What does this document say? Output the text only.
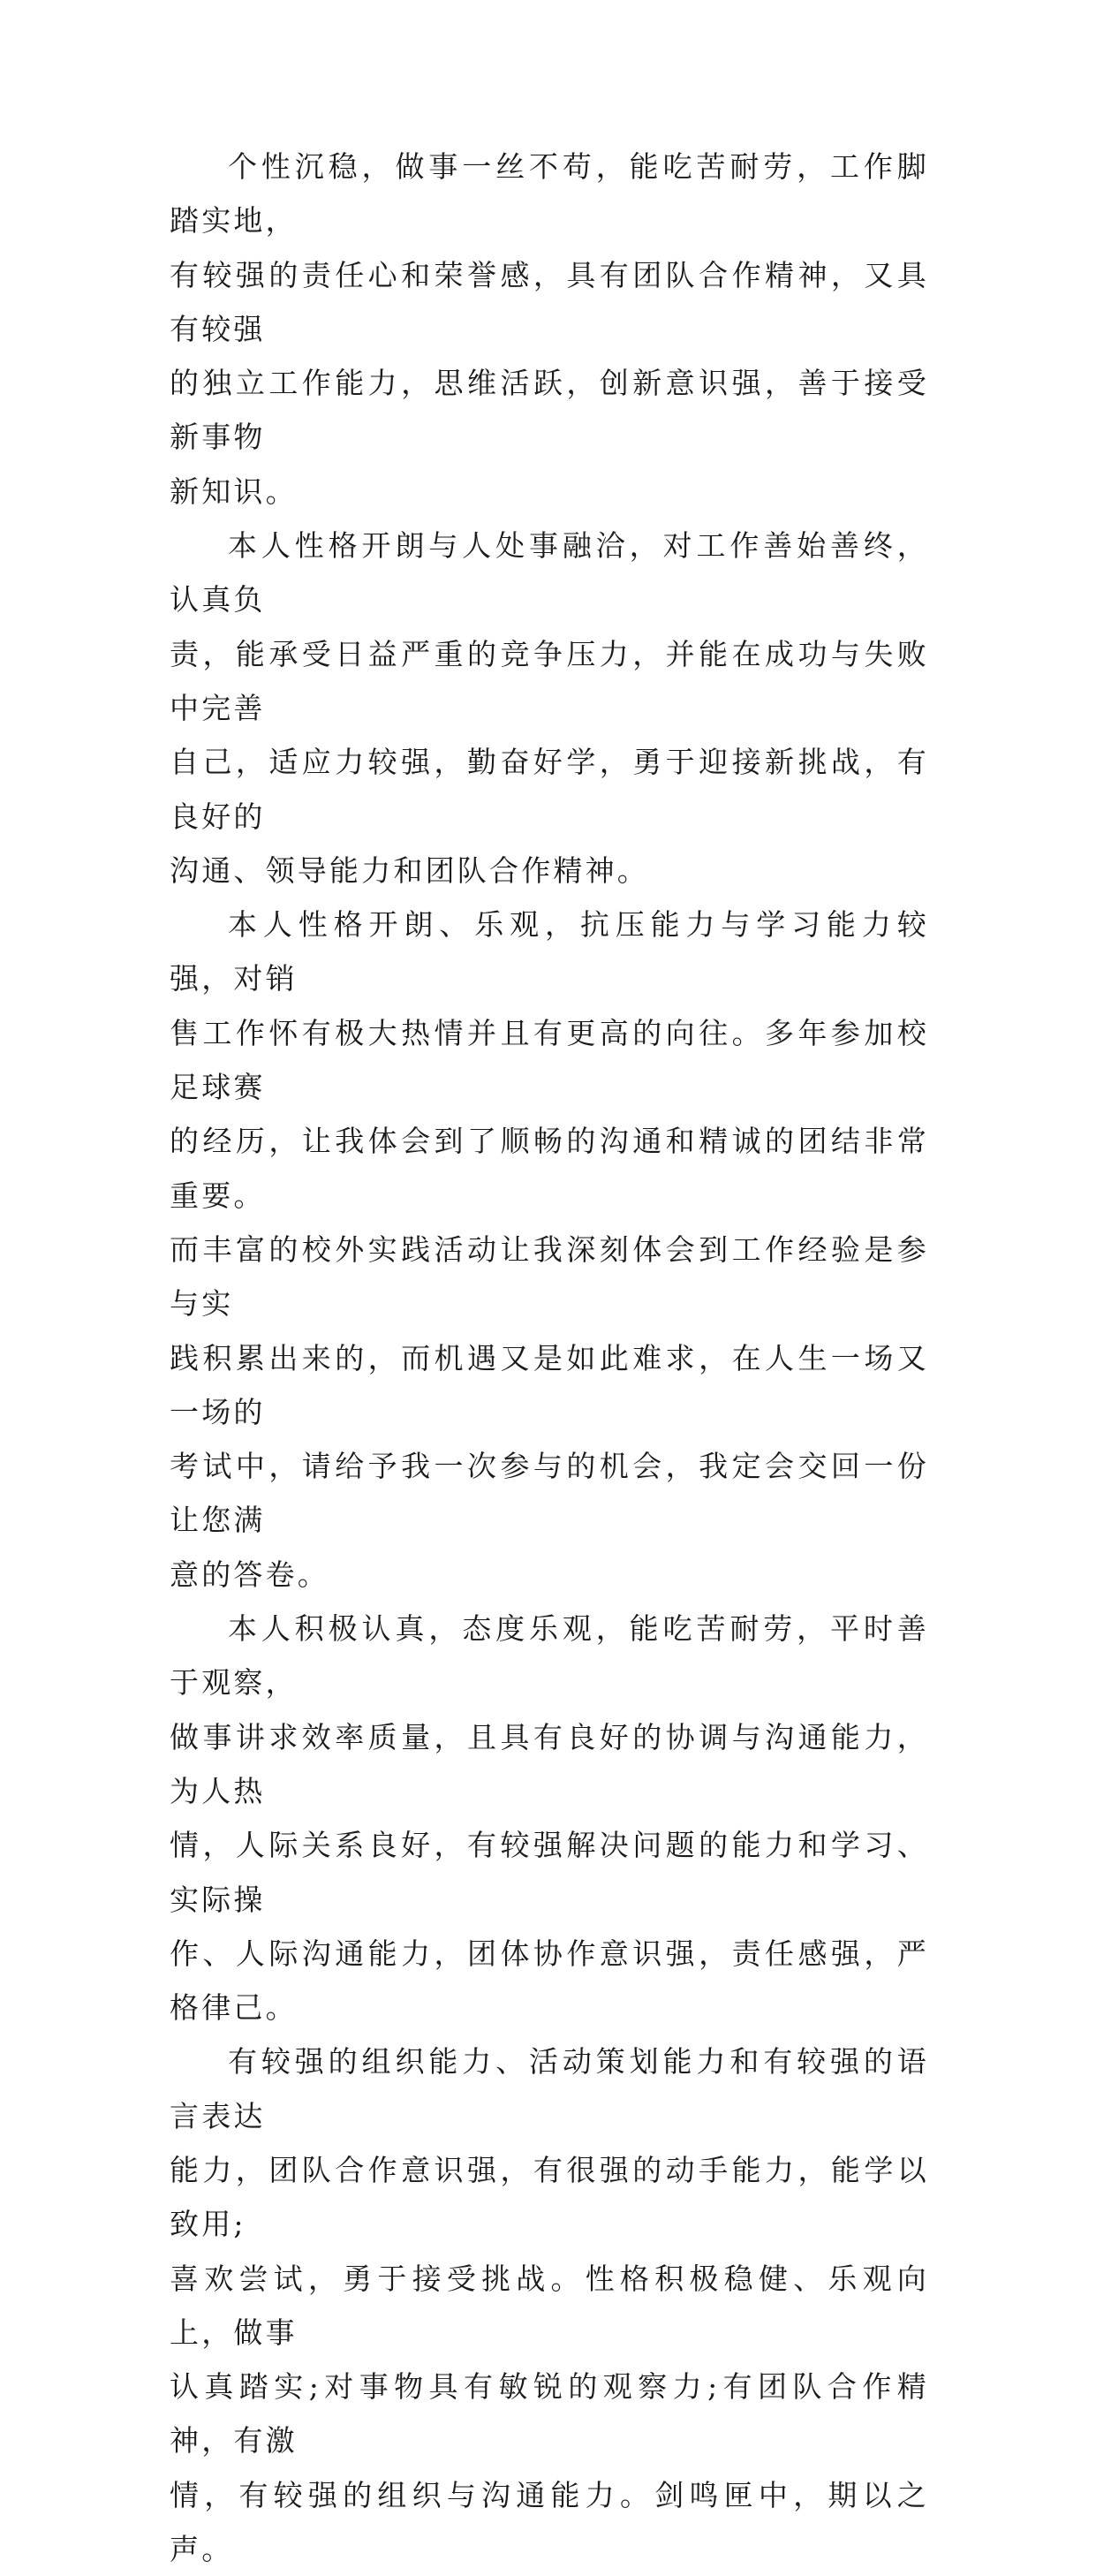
个性沉稳，做事一丝不苟，能吃苦耐劳，工作脚踏实地，
有较强的责任心和荣誉感，具有团队合作精神，又具有较强
的独立工作能力，思维活跃，创新意识强，善于接受新事物
新知识。

本人性格开朗与人处事融洽，对工作善始善终，认真负
责，能承受日益严重的竞争压力，并能在成功与失败中完善
自己，适应力较强，勤奋好学，勇于迎接新挑战，有良好的
沟通、领导能力和团队合作精神。

本人性格开朗、乐观，抗压能力与学习能力较强，对销
售工作怀有极大热情并且有更高的向往。多年参加校足球赛
的经历，让我体会到了顺畅的沟通和精诚的团结非常重要。
而丰富的校外实践活动让我深刻体会到工作经验是参与实
践积累出来的，而机遇又是如此难求，在人生一场又一场的
考试中，请给予我一次参与的机会，我定会交回一份让您满
意的答卷。

本人积极认真，态度乐观，能吃苦耐劳，平时善于观察，
做事讲求效率质量，且具有良好的协调与沟通能力，为人热
情，人际关系良好，有较强解决问题的能力和学习、实际操
作、人际沟通能力，团体协作意识强，责任感强，严格律己。

有较强的组织能力、活动策划能力和有较强的语言表达
能力，团队合作意识强，有很强的动手能力，能学以致用;
喜欢尝试，勇于接受挑战。性格积极稳健、乐观向上，做事
认真踏实;对事物具有敏锐的观察力;有团队合作精神，有激
情，有较强的组织与沟通能力。剑鸣匣中，期以之声。
